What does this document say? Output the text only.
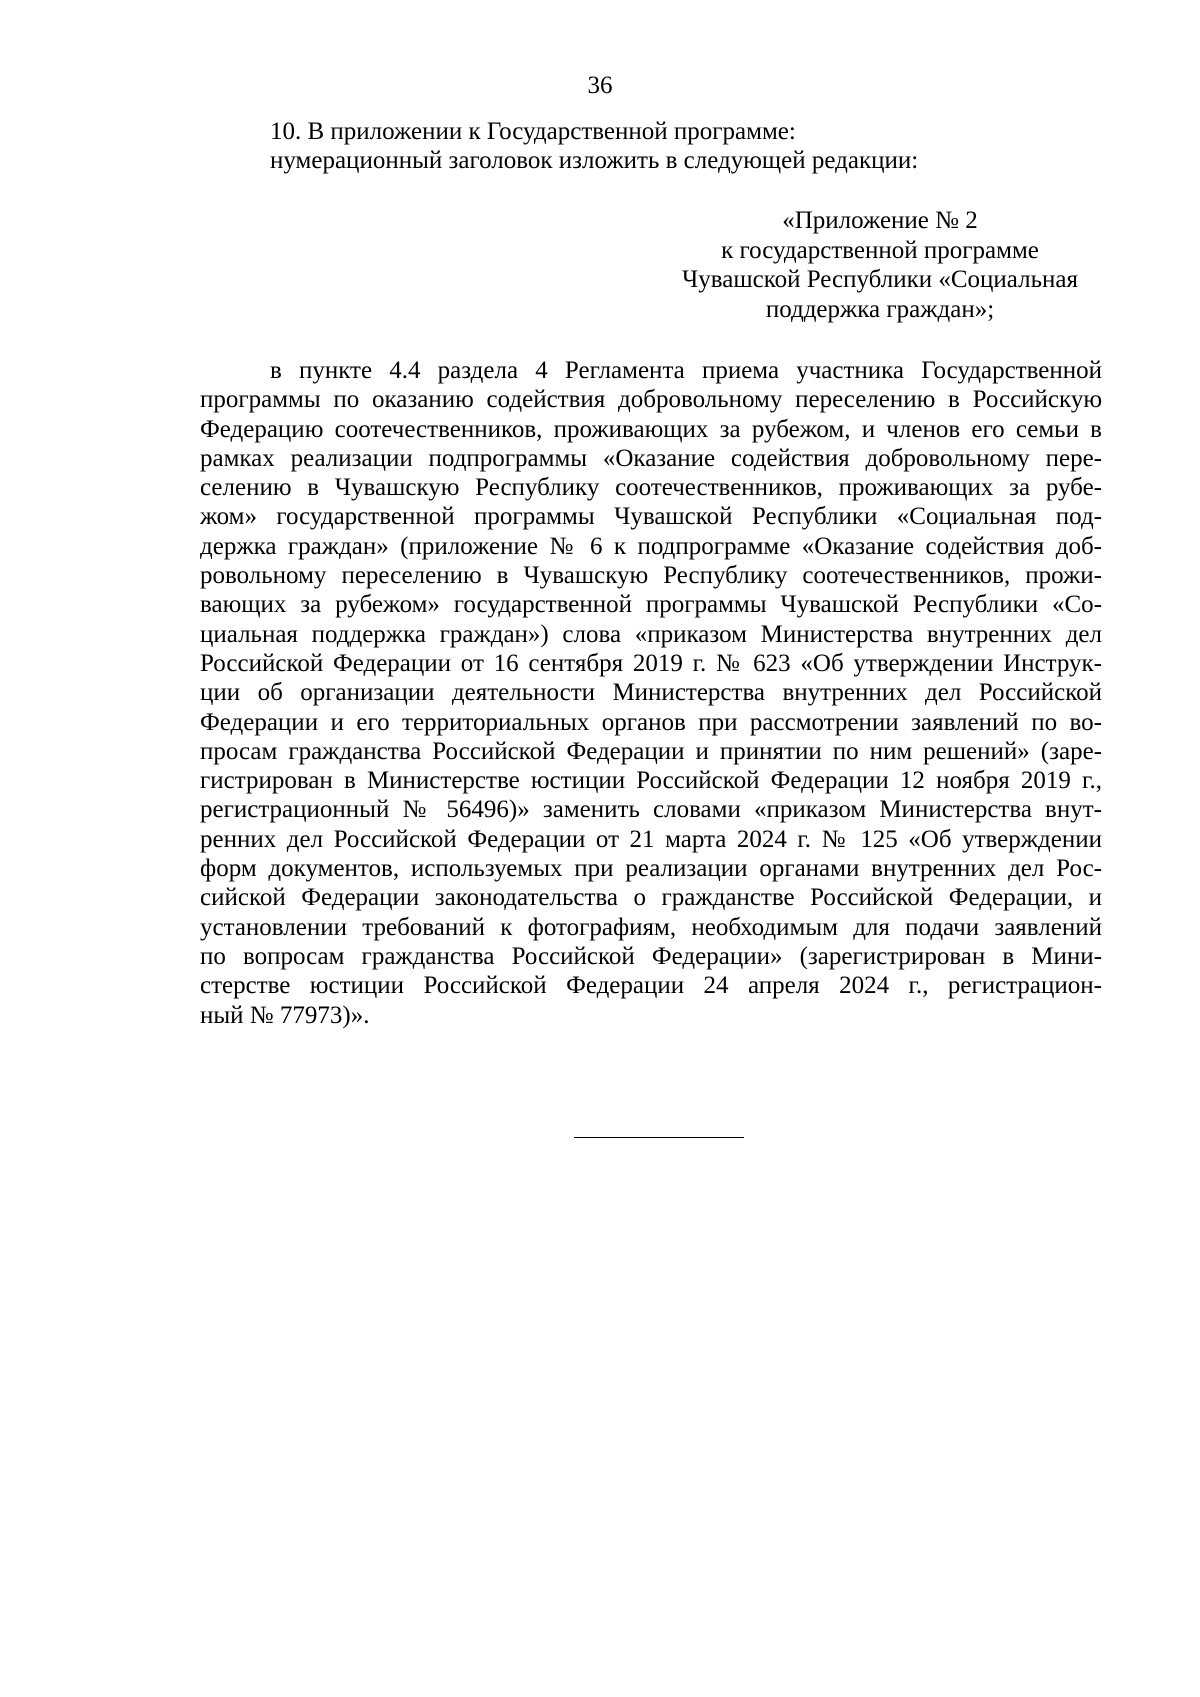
36
10. В приложении к Государственной программе:
нумерационный заголовок изложить в следующей редакции:
«Приложение № 2
к государственной программе
Чувашской Республики «Социальная
поддержка граждан»;
в пункте 4.4 раздела 4 Регламента приема участника Государственной
программы по оказанию содействия добровольному переселению в Российскую
Федерацию соотечественников, проживающих за рубежом, и членов его семьи в
рамках реализации подпрограммы «Оказание содействия добровольному пере-
селению в Чувашскую Республику соотечественников, проживающих за рубе-
жом» государственной программы Чувашской Республики «Социальная под-
держка граждан» (приложение № 6 к подпрограмме «Оказание содействия доб-
ровольному переселению в Чувашскую Республику соотечественников, прожи-
вающих за рубежом» государственной программы Чувашской Республики «Со-
циальная поддержка граждан») слова «приказом Министерства внутренних дел
Российской Федерации от 16 сентября 2019 г. № 623 «Об утверждении Инструк-
ции об организации деятельности Министерства внутренних дел Российской
Федерации и его территориальных органов при рассмотрении заявлений по во-
просам гражданства Российской Федерации и принятии по ним решений» (заре-
гистрирован в Министерстве юстиции Российской Федерации 12 ноября 2019 г.,
регистрационный № 56496)» заменить словами «приказом Министерства внут-
ренних дел Российской Федерации от 21 марта 2024 г. № 125 «Об утверждении
форм документов, используемых при реализации органами внутренних дел Рос-
сийской Федерации законодательства о гражданстве Российской Федерации, и
установлении требований к фотографиям, необходимым для подачи заявлений
по вопросам гражданства Российской Федерации» (зарегистрирован в Мини-
стерстве юстиции Российской Федерации 24 апреля 2024 г., регистрацион-
ный № 77973)».
